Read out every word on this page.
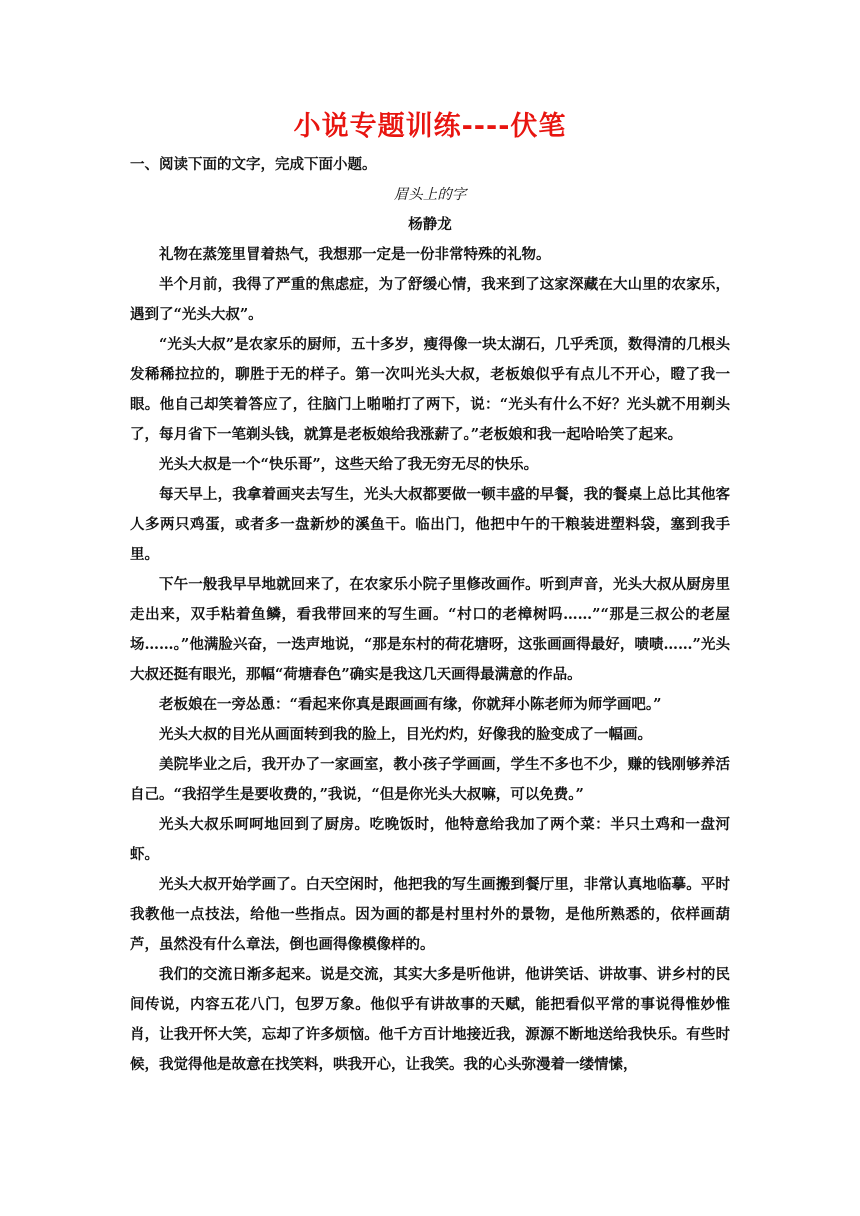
小说专题训练----伏笔

一、阅读下面的文字，完成下面小题。

眉头上的字

杨静龙

礼物在蒸笼里冒着热气，我想那一定是一份非常特殊的礼物。

半个月前，我得了严重的焦虑症，为了舒缓心情，我来到了这家深藏在大山里的农家乐，遇到了“光头大叔”。

“光头大叔”是农家乐的厨师，五十多岁，瘦得像一块太湖石，几乎秃顶，数得清的几根头发稀稀拉拉的，聊胜于无的样子。第一次叫光头大叔，老板娘似乎有点儿不开心，瞪了我一眼。他自己却笑着答应了，往脑门上啪啪打了两下，说：“光头有什么不好？光头就不用剃头了，每月省下一笔剃头钱，就算是老板娘给我涨薪了。”老板娘和我一起哈哈笑了起来。

光头大叔是一个“快乐哥”，这些天给了我无穷无尽的快乐。

每天早上，我拿着画夹去写生，光头大叔都要做一顿丰盛的早餐，我的餐桌上总比其他客人多两只鸡蛋，或者多一盘新炒的溪鱼干。临出门，他把中午的干粮装进塑料袋，塞到我手里。

下午一般我早早地就回来了，在农家乐小院子里修改画作。听到声音，光头大叔从厨房里走出来，双手粘着鱼鳞，看我带回来的写生画。“村口的老樟树吗……”“那是三叔公的老屋场……。”他满脸兴奋，一迭声地说，“那是东村的荷花塘呀，这张画画得最好，啧啧……”光头大叔还挺有眼光，那幅“荷塘春色”确实是我这几天画得最满意的作品。

老板娘在一旁怂恿：“看起来你真是跟画画有缘，你就拜小陈老师为师学画吧。”

光头大叔的目光从画面转到我的脸上，目光灼灼，好像我的脸变成了一幅画。

美院毕业之后，我开办了一家画室，教小孩子学画画，学生不多也不少，赚的钱刚够养活自己。“我招学生是要收费的，”我说，“但是你光头大叔嘛，可以免费。”

光头大叔乐呵呵地回到了厨房。吃晚饭时，他特意给我加了两个菜：半只土鸡和一盘河虾。

光头大叔开始学画了。白天空闲时，他把我的写生画搬到餐厅里，非常认真地临摹。平时我教他一点技法，给他一些指点。因为画的都是村里村外的景物，是他所熟悉的，依样画葫芦，虽然没有什么章法，倒也画得像模像样的。

我们的交流日渐多起来。说是交流，其实大多是听他讲，他讲笑话、讲故事、讲乡村的民间传说，内容五花八门，包罗万象。他似乎有讲故事的天赋，能把看似平常的事说得惟妙惟肖，让我开怀大笑，忘却了许多烦恼。他千方百计地接近我，源源不断地送给我快乐。有些时候，我觉得他是故意在找笑料，哄我开心，让我笑。我的心头弥漫着一缕情愫，
